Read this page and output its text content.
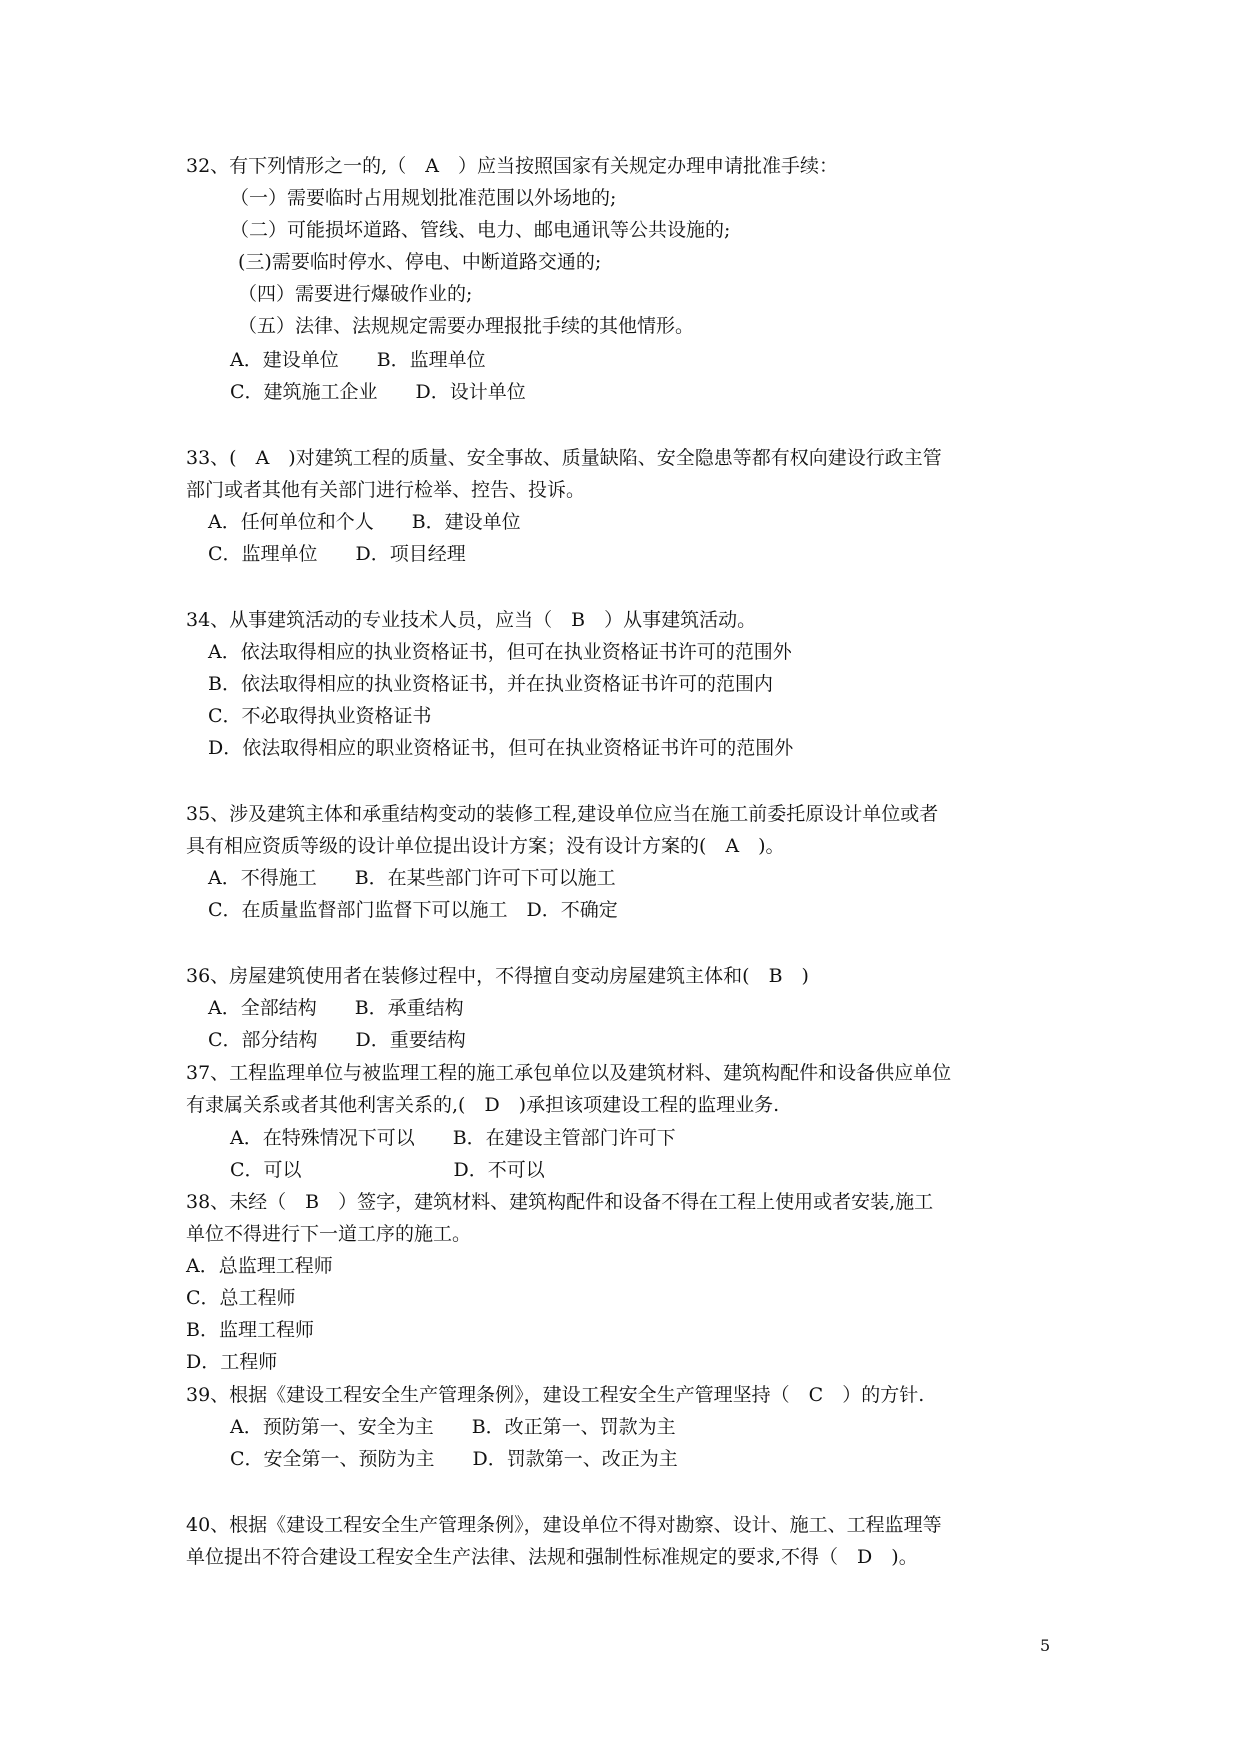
32、有下列情形之一的,（　A　）应当按照国家有关规定办理申请批准手续：
（一）需要临时占用规划批准范围以外场地的;
（二）可能损坏道路、管线、电力、邮电通讯等公共设施的;
(三)需要临时停水、停电、中断道路交通的;
（四）需要进行爆破作业的;
（五）法律、法规规定需要办理报批手续的其他情形。
A．建设单位　　B．监理单位
C．建筑施工企业　　D．设计单位
33、(　A　)对建筑工程的质量、安全事故、质量缺陷、安全隐患等都有权向建设行政主管
部门或者其他有关部门进行检举、控告、投诉。
A．任何单位和个人　　B．建设单位
C．监理单位　　D．项目经理
34、从事建筑活动的专业技术人员，应当（　B　）从事建筑活动。
A．依法取得相应的执业资格证书，但可在执业资格证书许可的范围外
B．依法取得相应的执业资格证书，并在执业资格证书许可的范围内
C．不必取得执业资格证书
D．依法取得相应的职业资格证书，但可在执业资格证书许可的范围外
35、涉及建筑主体和承重结构变动的装修工程,建设单位应当在施工前委托原设计单位或者
具有相应资质等级的设计单位提出设计方案；没有设计方案的(　A　)。
A．不得施工　　B．在某些部门许可下可以施工
C．在质量监督部门监督下可以施工　D．不确定
36、房屋建筑使用者在装修过程中，不得擅自变动房屋建筑主体和(　B　)
A．全部结构　　B．承重结构
C．部分结构　　D．重要结构
37、工程监理单位与被监理工程的施工承包单位以及建筑材料、建筑构配件和设备供应单位
有隶属关系或者其他利害关系的,(　D　)承担该项建设工程的监理业务.
A．在特殊情况下可以　　B．在建设主管部门许可下
C．可以　　　　　　　　D．不可以
38、未经（　B　）签字，建筑材料、建筑构配件和设备不得在工程上使用或者安装,施工
单位不得进行下一道工序的施工。
A．总监理工程师
C．总工程师
B．监理工程师
D．工程师
39、根据《建设工程安全生产管理条例》，建设工程安全生产管理坚持（　C　）的方针.
A．预防第一、安全为主　　B．改正第一、罚款为主
C．安全第一、预防为主　　D．罚款第一、改正为主
40、根据《建设工程安全生产管理条例》，建设单位不得对勘察、设计、施工、工程监理等
单位提出不符合建设工程安全生产法律、法规和强制性标准规定的要求,不得（　D　)。
5
